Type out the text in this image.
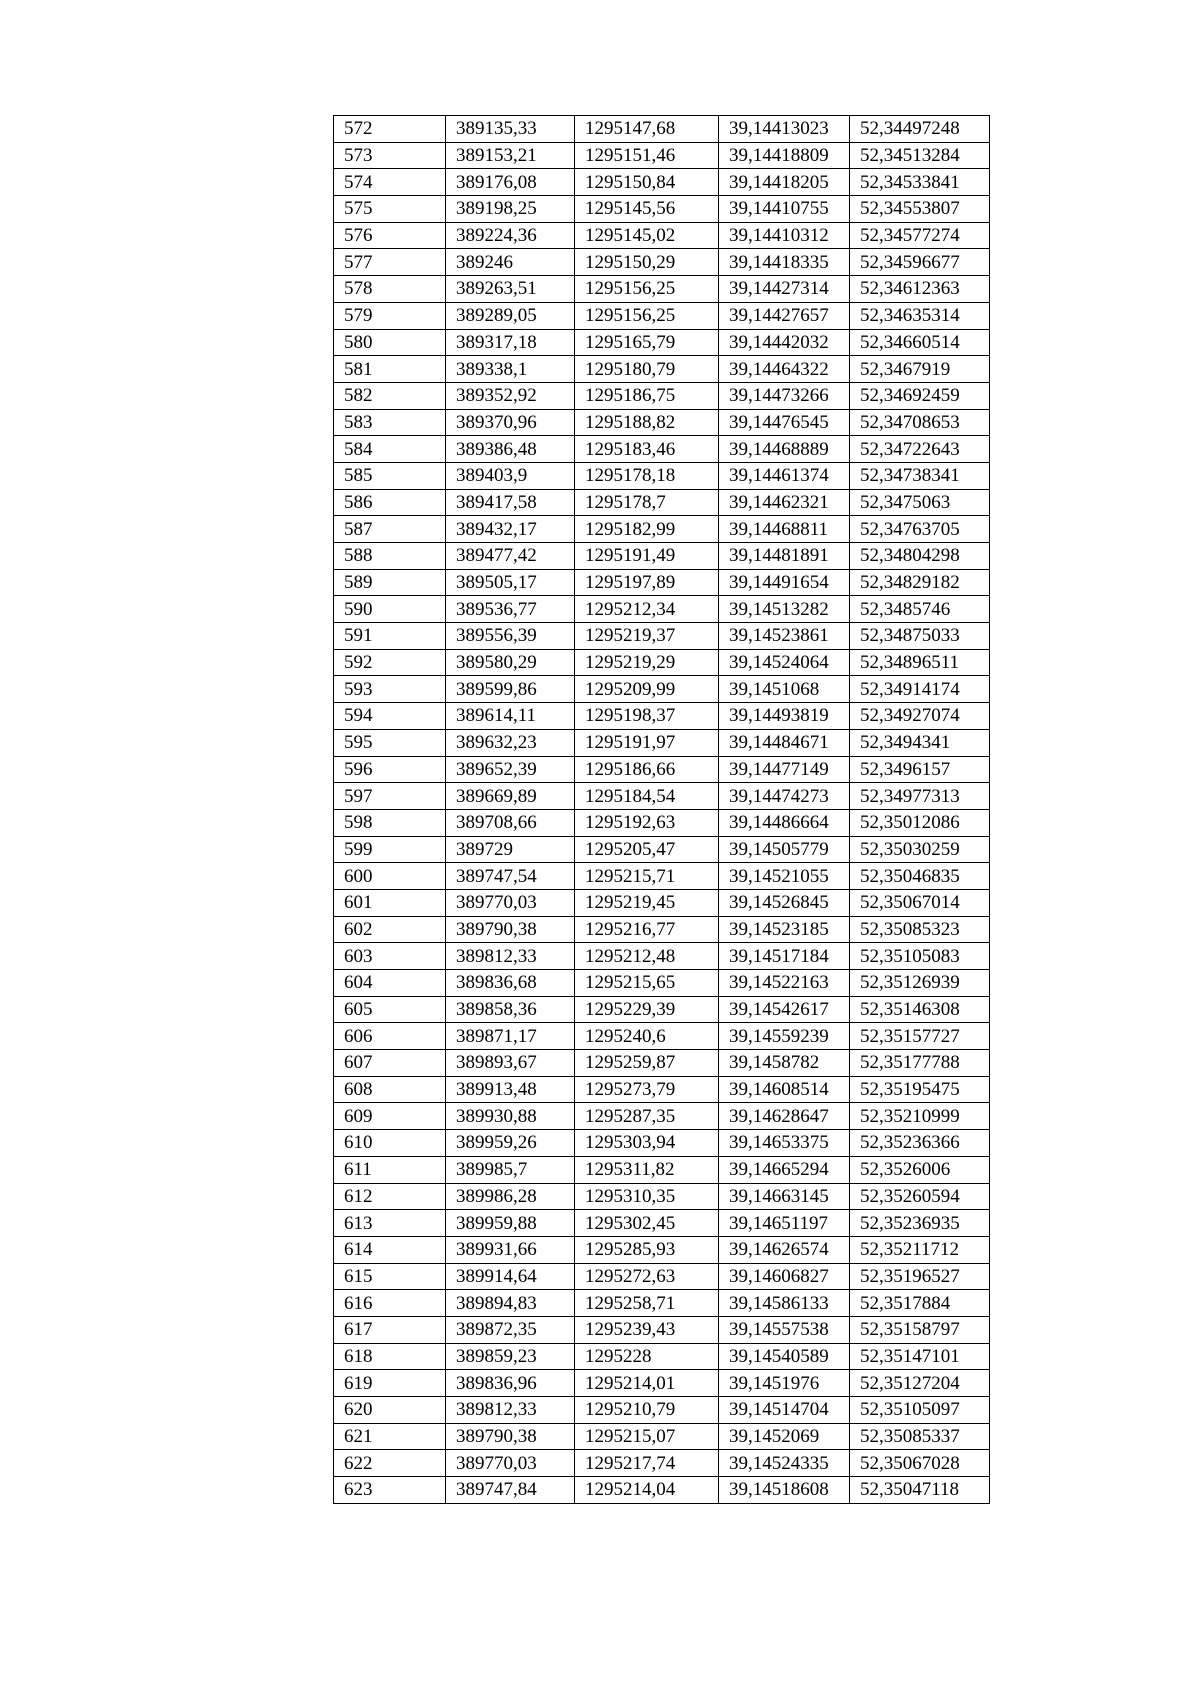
572	389135,33	1295147,68	39,14413023	52,34497248
573	389153,21	1295151,46	39,14418809	52,34513284
574	389176,08	1295150,84	39,14418205	52,34533841
575	389198,25	1295145,56	39,14410755	52,34553807
576	389224,36	1295145,02	39,14410312	52,34577274
577	389246	1295150,29	39,14418335	52,34596677
578	389263,51	1295156,25	39,14427314	52,34612363
579	389289,05	1295156,25	39,14427657	52,34635314
580	389317,18	1295165,79	39,14442032	52,34660514
581	389338,1	1295180,79	39,14464322	52,3467919
582	389352,92	1295186,75	39,14473266	52,34692459
583	389370,96	1295188,82	39,14476545	52,34708653
584	389386,48	1295183,46	39,14468889	52,34722643
585	389403,9	1295178,18	39,14461374	52,34738341
586	389417,58	1295178,7	39,14462321	52,3475063
587	389432,17	1295182,99	39,14468811	52,34763705
588	389477,42	1295191,49	39,14481891	52,34804298
589	389505,17	1295197,89	39,14491654	52,34829182
590	389536,77	1295212,34	39,14513282	52,3485746
591	389556,39	1295219,37	39,14523861	52,34875033
592	389580,29	1295219,29	39,14524064	52,34896511
593	389599,86	1295209,99	39,1451068	52,34914174
594	389614,11	1295198,37	39,14493819	52,34927074
595	389632,23	1295191,97	39,14484671	52,3494341
596	389652,39	1295186,66	39,14477149	52,3496157
597	389669,89	1295184,54	39,14474273	52,34977313
598	389708,66	1295192,63	39,14486664	52,35012086
599	389729	1295205,47	39,14505779	52,35030259
600	389747,54	1295215,71	39,14521055	52,35046835
601	389770,03	1295219,45	39,14526845	52,35067014
602	389790,38	1295216,77	39,14523185	52,35085323
603	389812,33	1295212,48	39,14517184	52,35105083
604	389836,68	1295215,65	39,14522163	52,35126939
605	389858,36	1295229,39	39,14542617	52,35146308
606	389871,17	1295240,6	39,14559239	52,35157727
607	389893,67	1295259,87	39,1458782	52,35177788
608	389913,48	1295273,79	39,14608514	52,35195475
609	389930,88	1295287,35	39,14628647	52,35210999
610	389959,26	1295303,94	39,14653375	52,35236366
611	389985,7	1295311,82	39,14665294	52,3526006
612	389986,28	1295310,35	39,14663145	52,35260594
613	389959,88	1295302,45	39,14651197	52,35236935
614	389931,66	1295285,93	39,14626574	52,35211712
615	389914,64	1295272,63	39,14606827	52,35196527
616	389894,83	1295258,71	39,14586133	52,3517884
617	389872,35	1295239,43	39,14557538	52,35158797
618	389859,23	1295228	39,14540589	52,35147101
619	389836,96	1295214,01	39,1451976	52,35127204
620	389812,33	1295210,79	39,14514704	52,35105097
621	389790,38	1295215,07	39,1452069	52,35085337
622	389770,03	1295217,74	39,14524335	52,35067028
623	389747,84	1295214,04	39,14518608	52,35047118
